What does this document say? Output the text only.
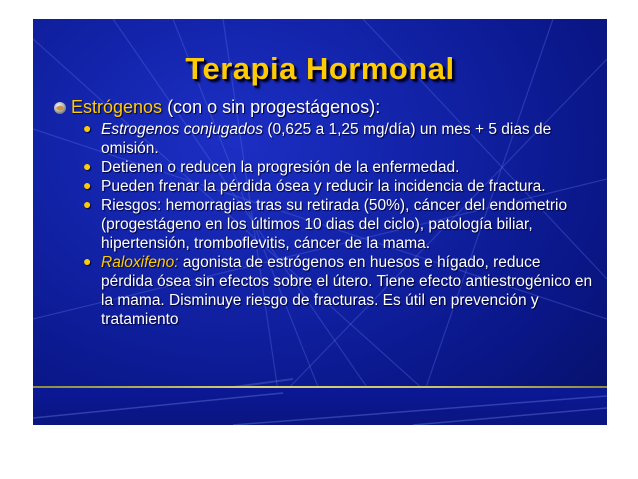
Terapia Hormonal
Estrógenos (con o sin progestágenos):
● Estrogenos conjugados (0,625 a 1,25 mg/día) un mes + 5 dias de omisión.
● Detienen o reducen la progresión de la enfermedad.
● Pueden frenar la pérdida ósea y reducir la incidencia de fractura.
● Riesgos: hemorragias tras su retirada (50%), cáncer del endometrio (progestágeno en los últimos 10 dias del ciclo), patología biliar, hipertensión, tromboflevitis, cáncer de la mama.
● Raloxifeno: agonista de estrógenos en huesos e hígado, reduce pérdida ósea sin efectos sobre el útero. Tiene efecto antiestrogénico en la mama. Disminuye riesgo de fracturas. Es útil en prevención y tratamiento
